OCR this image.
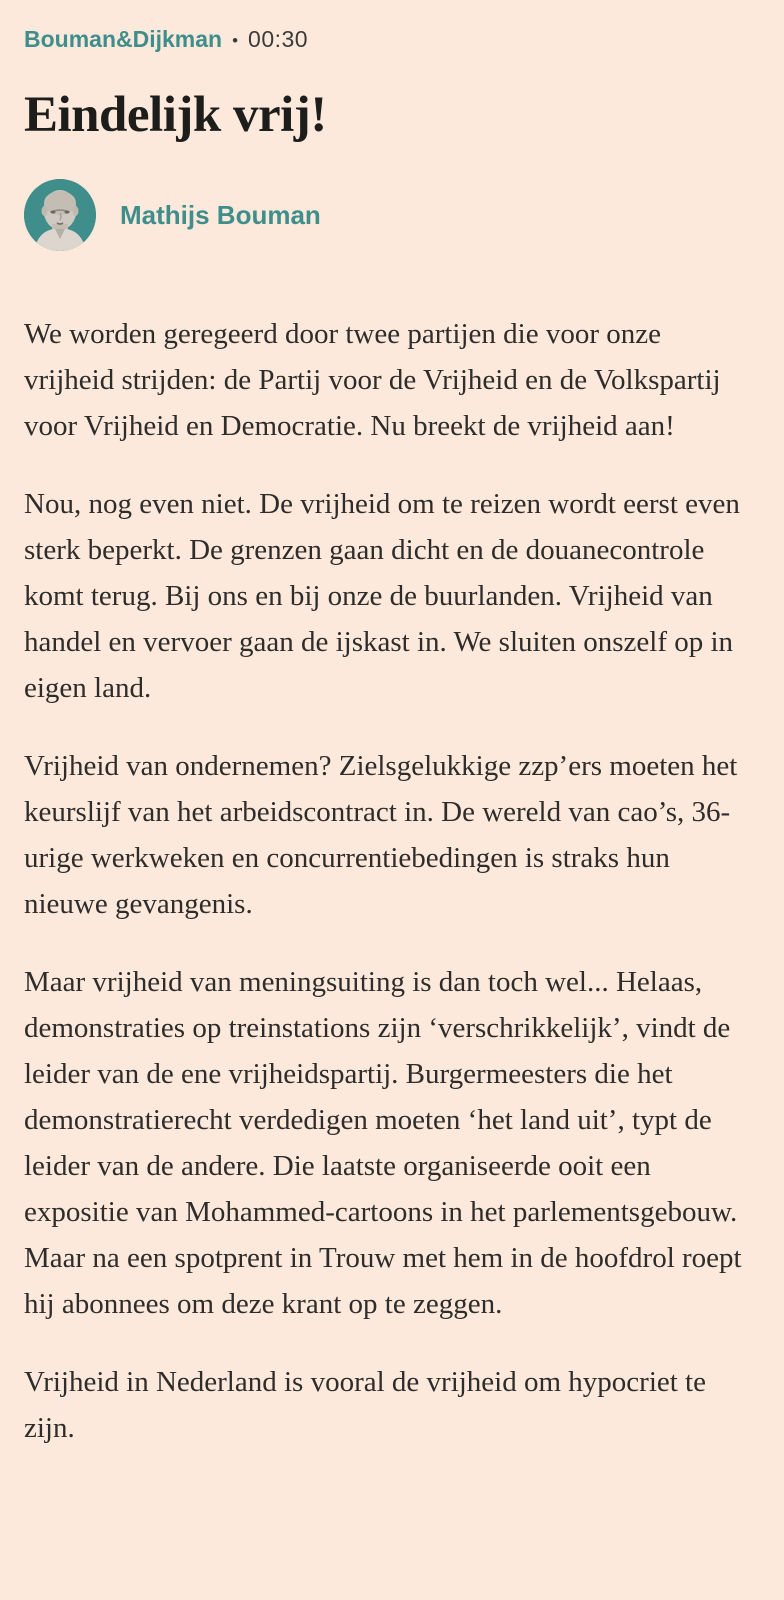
Bouman&Dijkman • 00:30
Eindelijk vrij!
Mathijs Bouman

We worden geregeerd door twee partijen die voor onze vrijheid strijden: de Partij voor de Vrijheid en de Volkspartij voor Vrijheid en Democratie. Nu breekt de vrijheid aan!

Nou, nog even niet. De vrijheid om te reizen wordt eerst even sterk beperkt. De grenzen gaan dicht en de douanecontrole komt terug. Bij ons en bij onze de buurlanden. Vrijheid van handel en vervoer gaan de ijskast in. We sluiten onszelf op in eigen land.

Vrijheid van ondernemen? Zielsgelukkige zzp’ers moeten het keurslijf van het arbeidscontract in. De wereld van cao’s, 36-urige werkweken en concurrentiebedingen is straks hun nieuwe gevangenis.

Maar vrijheid van meningsuiting is dan toch wel... Helaas, demonstraties op treinstations zijn ‘verschrikkelijk’, vindt de leider van de ene vrijheidspartij. Burgermeesters die het demonstratierecht verdedigen moeten ‘het land uit’, typt de leider van de andere. Die laatste organiseerde ooit een expositie van Mohammed-cartoons in het parlementsgebouw. Maar na een spotprent in Trouw met hem in de hoofdrol roept hij abonnees om deze krant op te zeggen.

Vrijheid in Nederland is vooral de vrijheid om hypocriet te zijn.
